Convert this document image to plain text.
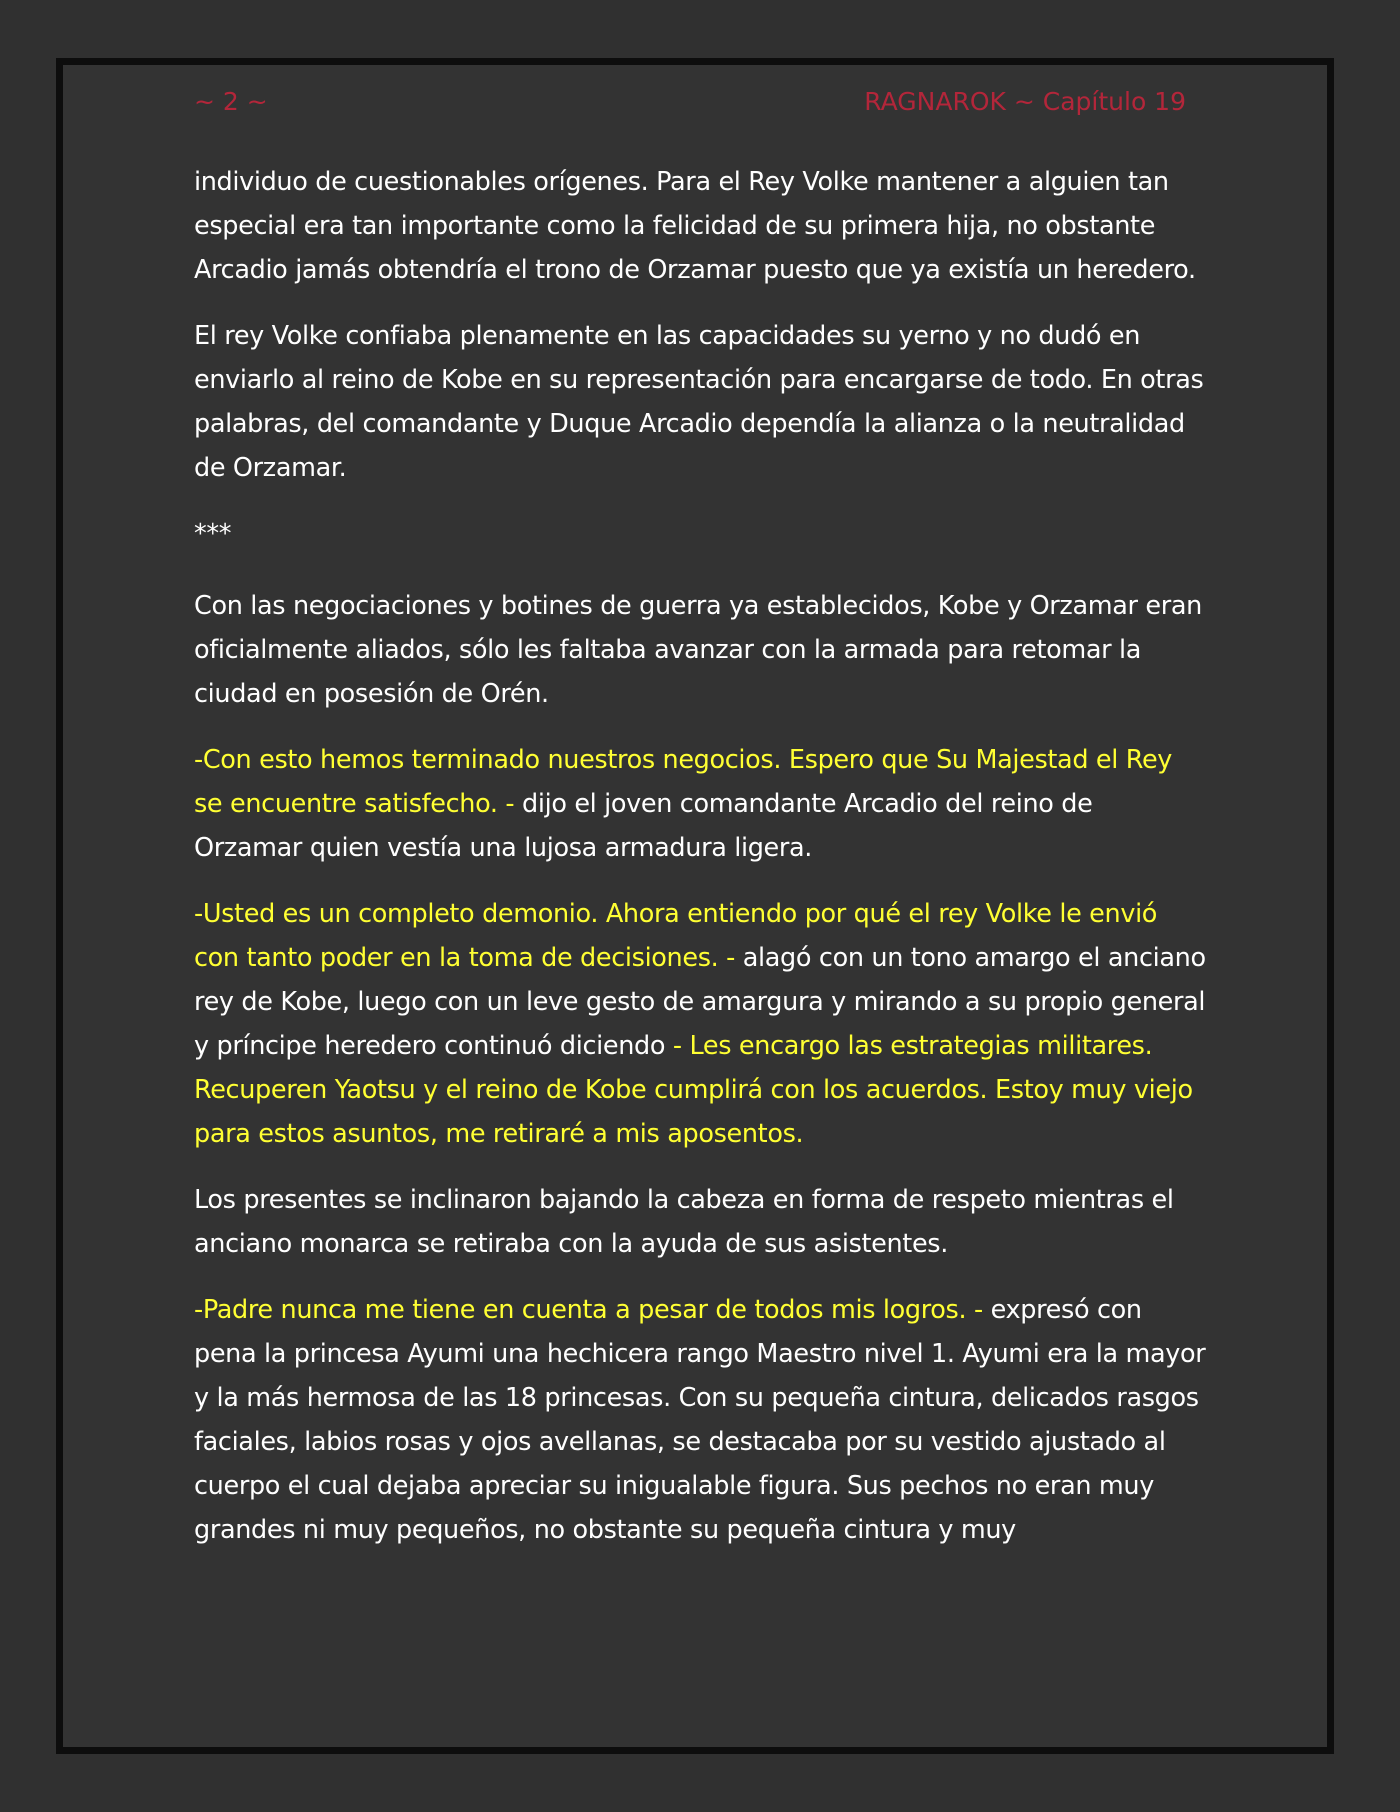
~ 2 ~	RAGNAROK ~ Capítulo 19

individuo de cuestionables orígenes. Para el Rey Volke mantener a alguien tan especial era tan importante como la felicidad de su primera hija, no obstante Arcadio jamás obtendría el trono de Orzamar puesto que ya existía un heredero.

El rey Volke confiaba plenamente en las capacidades su yerno y no dudó en enviarlo al reino de Kobe en su representación para encargarse de todo. En otras palabras, del comandante y Duque Arcadio dependía la alianza o la neutralidad de Orzamar.

***

Con las negociaciones y botines de guerra ya establecidos, Kobe y Orzamar eran oficialmente aliados, sólo les faltaba avanzar con la armada para retomar la ciudad en posesión de Orén.

-Con esto hemos terminado nuestros negocios. Espero que Su Majestad el Rey se encuentre satisfecho. - dijo el joven comandante Arcadio del reino de Orzamar quien vestía una lujosa armadura ligera.

-Usted es un completo demonio. Ahora entiendo por qué el rey Volke le envió con tanto poder en la toma de decisiones. - alagó con un tono amargo el anciano rey de Kobe, luego con un leve gesto de amargura y mirando a su propio general y príncipe heredero continuó diciendo - Les encargo las estrategias militares. Recuperen Yaotsu y el reino de Kobe cumplirá con los acuerdos. Estoy muy viejo para estos asuntos, me retiraré a mis aposentos.

Los presentes se inclinaron bajando la cabeza en forma de respeto mientras el anciano monarca se retiraba con la ayuda de sus asistentes.

-Padre nunca me tiene en cuenta a pesar de todos mis logros. - expresó con pena la princesa Ayumi una hechicera rango Maestro nivel 1. Ayumi era la mayor y la más hermosa de las 18 princesas. Con su pequeña cintura, delicados rasgos faciales, labios rosas y ojos avellanas, se destacaba por su vestido ajustado al cuerpo el cual dejaba apreciar su inigualable figura. Sus pechos no eran muy grandes ni muy pequeños, no obstante su pequeña cintura y muy
